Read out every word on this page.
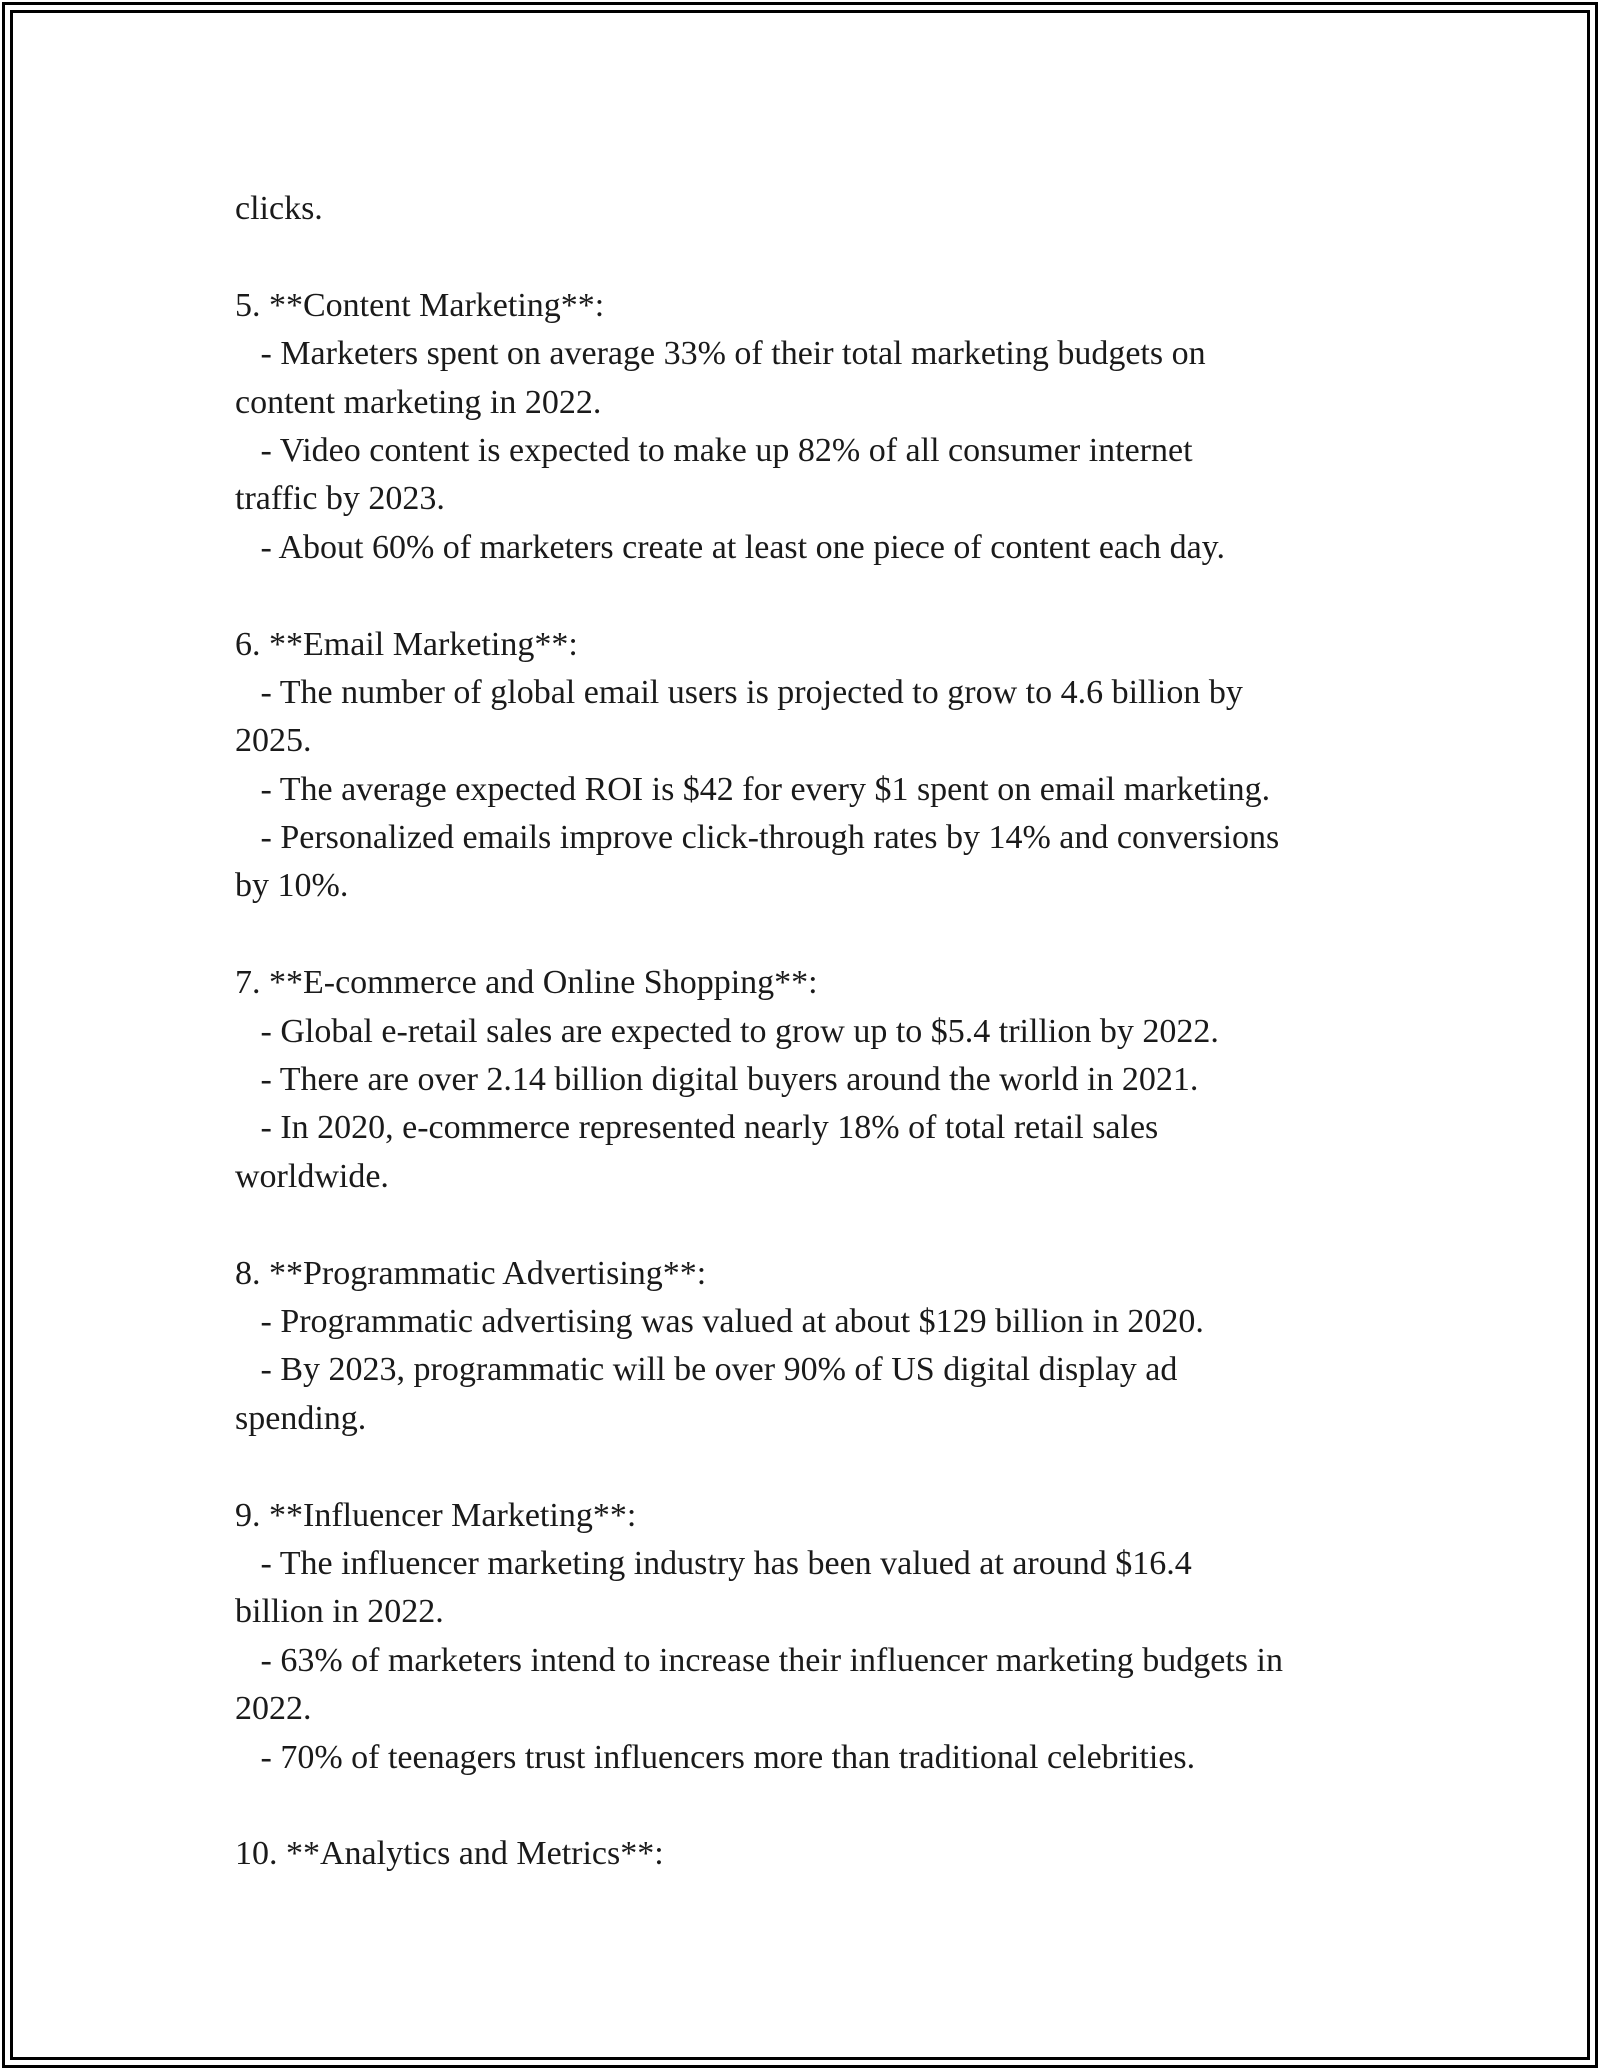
clicks.
5. **Content Marketing**:
- Marketers spent on average 33% of their total marketing budgets on
content marketing in 2022.
- Video content is expected to make up 82% of all consumer internet
traffic by 2023.
- About 60% of marketers create at least one piece of content each day.
6. **Email Marketing**:
- The number of global email users is projected to grow to 4.6 billion by
2025.
- The average expected ROI is $42 for every $1 spent on email marketing.
- Personalized emails improve click-through rates by 14% and conversions
by 10%.
7. **E-commerce and Online Shopping**:
- Global e-retail sales are expected to grow up to $5.4 trillion by 2022.
- There are over 2.14 billion digital buyers around the world in 2021.
- In 2020, e-commerce represented nearly 18% of total retail sales
worldwide.
8. **Programmatic Advertising**:
- Programmatic advertising was valued at about $129 billion in 2020.
- By 2023, programmatic will be over 90% of US digital display ad
spending.
9. **Influencer Marketing**:
- The influencer marketing industry has been valued at around $16.4
billion in 2022.
- 63% of marketers intend to increase their influencer marketing budgets in
2022.
- 70% of teenagers trust influencers more than traditional celebrities.
10. **Analytics and Metrics**:
